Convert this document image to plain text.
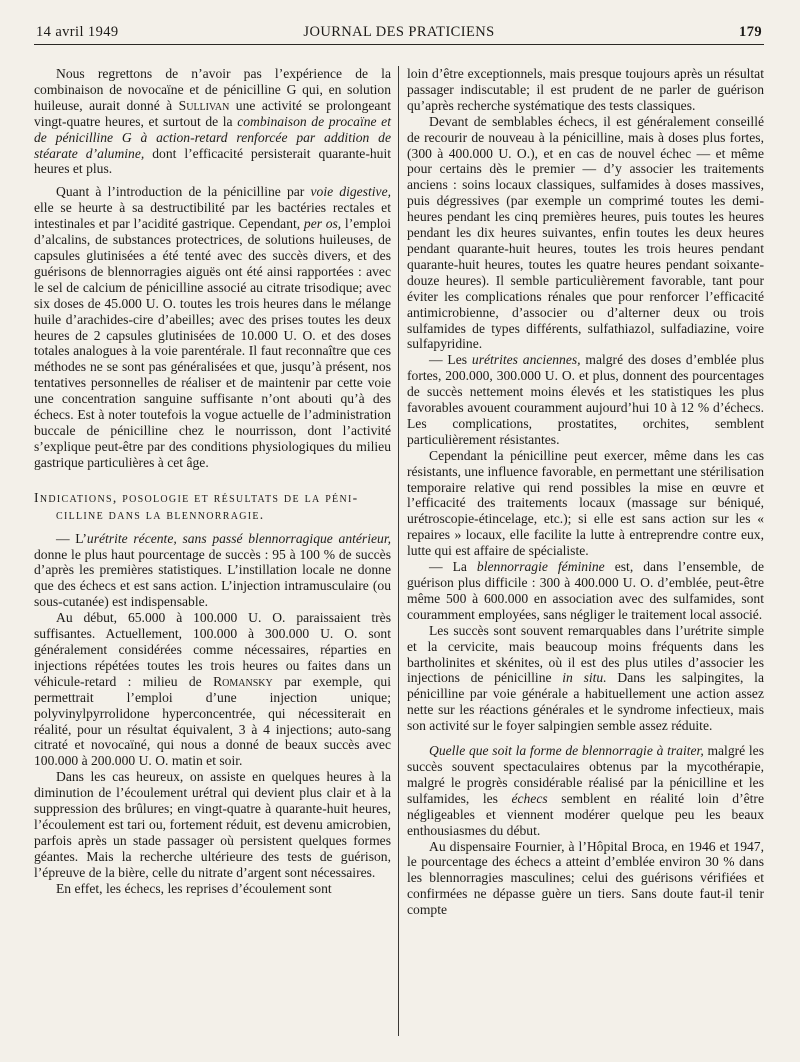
14 avril 1949	JOURNAL DES PRATICIENS	179

Nous regrettons de n’avoir pas l’expérience de la combinaison de novocaïne et de pénicilline G qui, en solution huileuse, aurait donné à Sullivan une activité se prolongeant vingt-quatre heures, et surtout de la combinaison de procaïne et de pénicilline G à action-retard renforcée par addition de stéarate d’alumine, dont l’efficacité persisterait quarante-huit heures et plus.

Quant à l’introduction de la pénicilline par voie digestive, elle se heurte à sa destructibilité par les bactéries rectales et intestinales et par l’acidité gastrique. Cependant, per os, l’emploi d’alcalins, de substances protectrices, de solutions huileuses, de capsules glutinisées a été tenté avec des succès divers, et des guérisons de blennorragies aiguës ont été ainsi rapportées : avec le sel de calcium de pénicilline associé au citrate trisodique; avec six doses de 45.000 U. O. toutes les trois heures dans le mélange huile d’arachides-cire d’abeilles; avec des prises toutes les deux heures de 2 capsules glutinisées de 10.000 U. O. et des doses totales analogues à la voie parentérale. Il faut reconnaître que ces méthodes ne se sont pas généralisées et que, jusqu’à présent, nos tentatives personnelles de réaliser et de maintenir par cette voie une concentration sanguine suffisante n’ont abouti qu’à des échecs. Est à noter toutefois la vogue actuelle de l’administration buccale de pénicilline chez le nourrisson, dont l’activité s’explique peut-être par des conditions physiologiques du milieu gastrique particulières à cet âge.

Indications, posologie et résultats de la péni-
cilline dans la blennorragie.

— L’urétrite récente, sans passé blennorragique antérieur, donne le plus haut pourcentage de succès : 95 à 100 % de succès d’après les premières statistiques. L’instillation locale ne donne que des échecs et est sans action. L’injection intramusculaire (ou sous-cutanée) est indispensable.

Au début, 65.000 à 100.000 U. O. paraissaient très suffisantes. Actuellement, 100.000 à 300.000 U. O. sont généralement considérées comme nécessaires, réparties en injections répétées toutes les trois heures ou faites dans un véhicule-retard : milieu de Romansky par exemple, qui permettrait l’emploi d’une injection unique; polyvinylpyrrolidone hyperconcentrée, qui nécessiterait en réalité, pour un résultat équivalent, 3 à 4 injections; auto-sang citraté et novocaïné, qui nous a donné de beaux succès avec 100.000 à 200.000 U. O. matin et soir.

Dans les cas heureux, on assiste en quelques heures à la diminution de l’écoulement urétral qui devient plus clair et à la suppression des brûlures; en vingt-quatre à quarante-huit heures, l’écoulement est tari ou, fortement réduit, est devenu amicrobien, parfois après un stade passager où persistent quelques formes géantes. Mais la recherche ultérieure des tests de guérison, l’épreuve de la bière, celle du nitrate d’argent sont nécessaires.

En effet, les échecs, les reprises d’écoulement sont

loin d’être exceptionnels, mais presque toujours après un résultat passager indiscutable; il est prudent de ne parler de guérison qu’après recherche systématique des tests classiques.

Devant de semblables échecs, il est généralement conseillé de recourir de nouveau à la pénicilline, mais à doses plus fortes, (300 à 400.000 U. O.), et en cas de nouvel échec — et même pour certains dès le premier — d’y associer les traitements anciens : soins locaux classiques, sulfamides à doses massives, puis dégressives (par exemple un comprimé toutes les demi-heures pendant les cinq premières heures, puis toutes les heures pendant les dix heures suivantes, enfin toutes les deux heures pendant quarante-huit heures, toutes les trois heures pendant quarante-huit heures, toutes les quatre heures pendant soixante-douze heures). Il semble particulièrement favorable, tant pour éviter les complications rénales que pour renforcer l’efficacité antimicrobienne, d’associer ou d’alterner deux ou trois sulfamides de types différents, sulfathiazol, sulfadiazine, voire sulfapyridine.

— Les urétrites anciennes, malgré des doses d’emblée plus fortes, 200.000, 300.000 U. O. et plus, donnent des pourcentages de succès nettement moins élevés et les statistiques les plus favorables avouent couramment aujourd’hui 10 à 12 % d’échecs. Les complications, prostatites, orchites, semblent particulièrement résistantes.

Cependant la pénicilline peut exercer, même dans les cas résistants, une influence favorable, en permettant une stérilisation temporaire relative qui rend possibles la mise en œuvre et l’efficacité des traitements locaux (massage sur béniqué, urétroscopie-étincelage, etc.); si elle est sans action sur les « repaires » locaux, elle facilite la lutte à entreprendre contre eux, lutte qui est affaire de spécialiste.

— La blennorragie féminine est, dans l’ensemble, de guérison plus difficile : 300 à 400.000 U. O. d’emblée, peut-être même 500 à 600.000 en association avec des sulfamides, sont couramment employées, sans négliger le traitement local associé.

Les succès sont souvent remarquables dans l’urétrite simple et la cervicite, mais beaucoup moins fréquents dans les bartholinites et skénites, où il est des plus utiles d’associer les injections de pénicilline in situ. Dans les salpingites, la pénicilline par voie générale a habituellement une action assez nette sur les réactions générales et le syndrome infectieux, mais son activité sur le foyer salpingien semble assez réduite.

Quelle que soit la forme de blennorragie à traiter, malgré les succès souvent spectaculaires obtenus par la mycothérapie, malgré le progrès considérable réalisé par la pénicilline et les sulfamides, les échecs semblent en réalité loin d’être négligeables et viennent modérer quelque peu les beaux enthousiasmes du début.

Au dispensaire Fournier, à l’Hôpital Broca, en 1946 et 1947, le pourcentage des échecs a atteint d’emblée environ 30 % dans les blennorragies masculines; celui des guérisons vérifiées et confirmées ne dépasse guère un tiers. Sans doute faut-il tenir compte
